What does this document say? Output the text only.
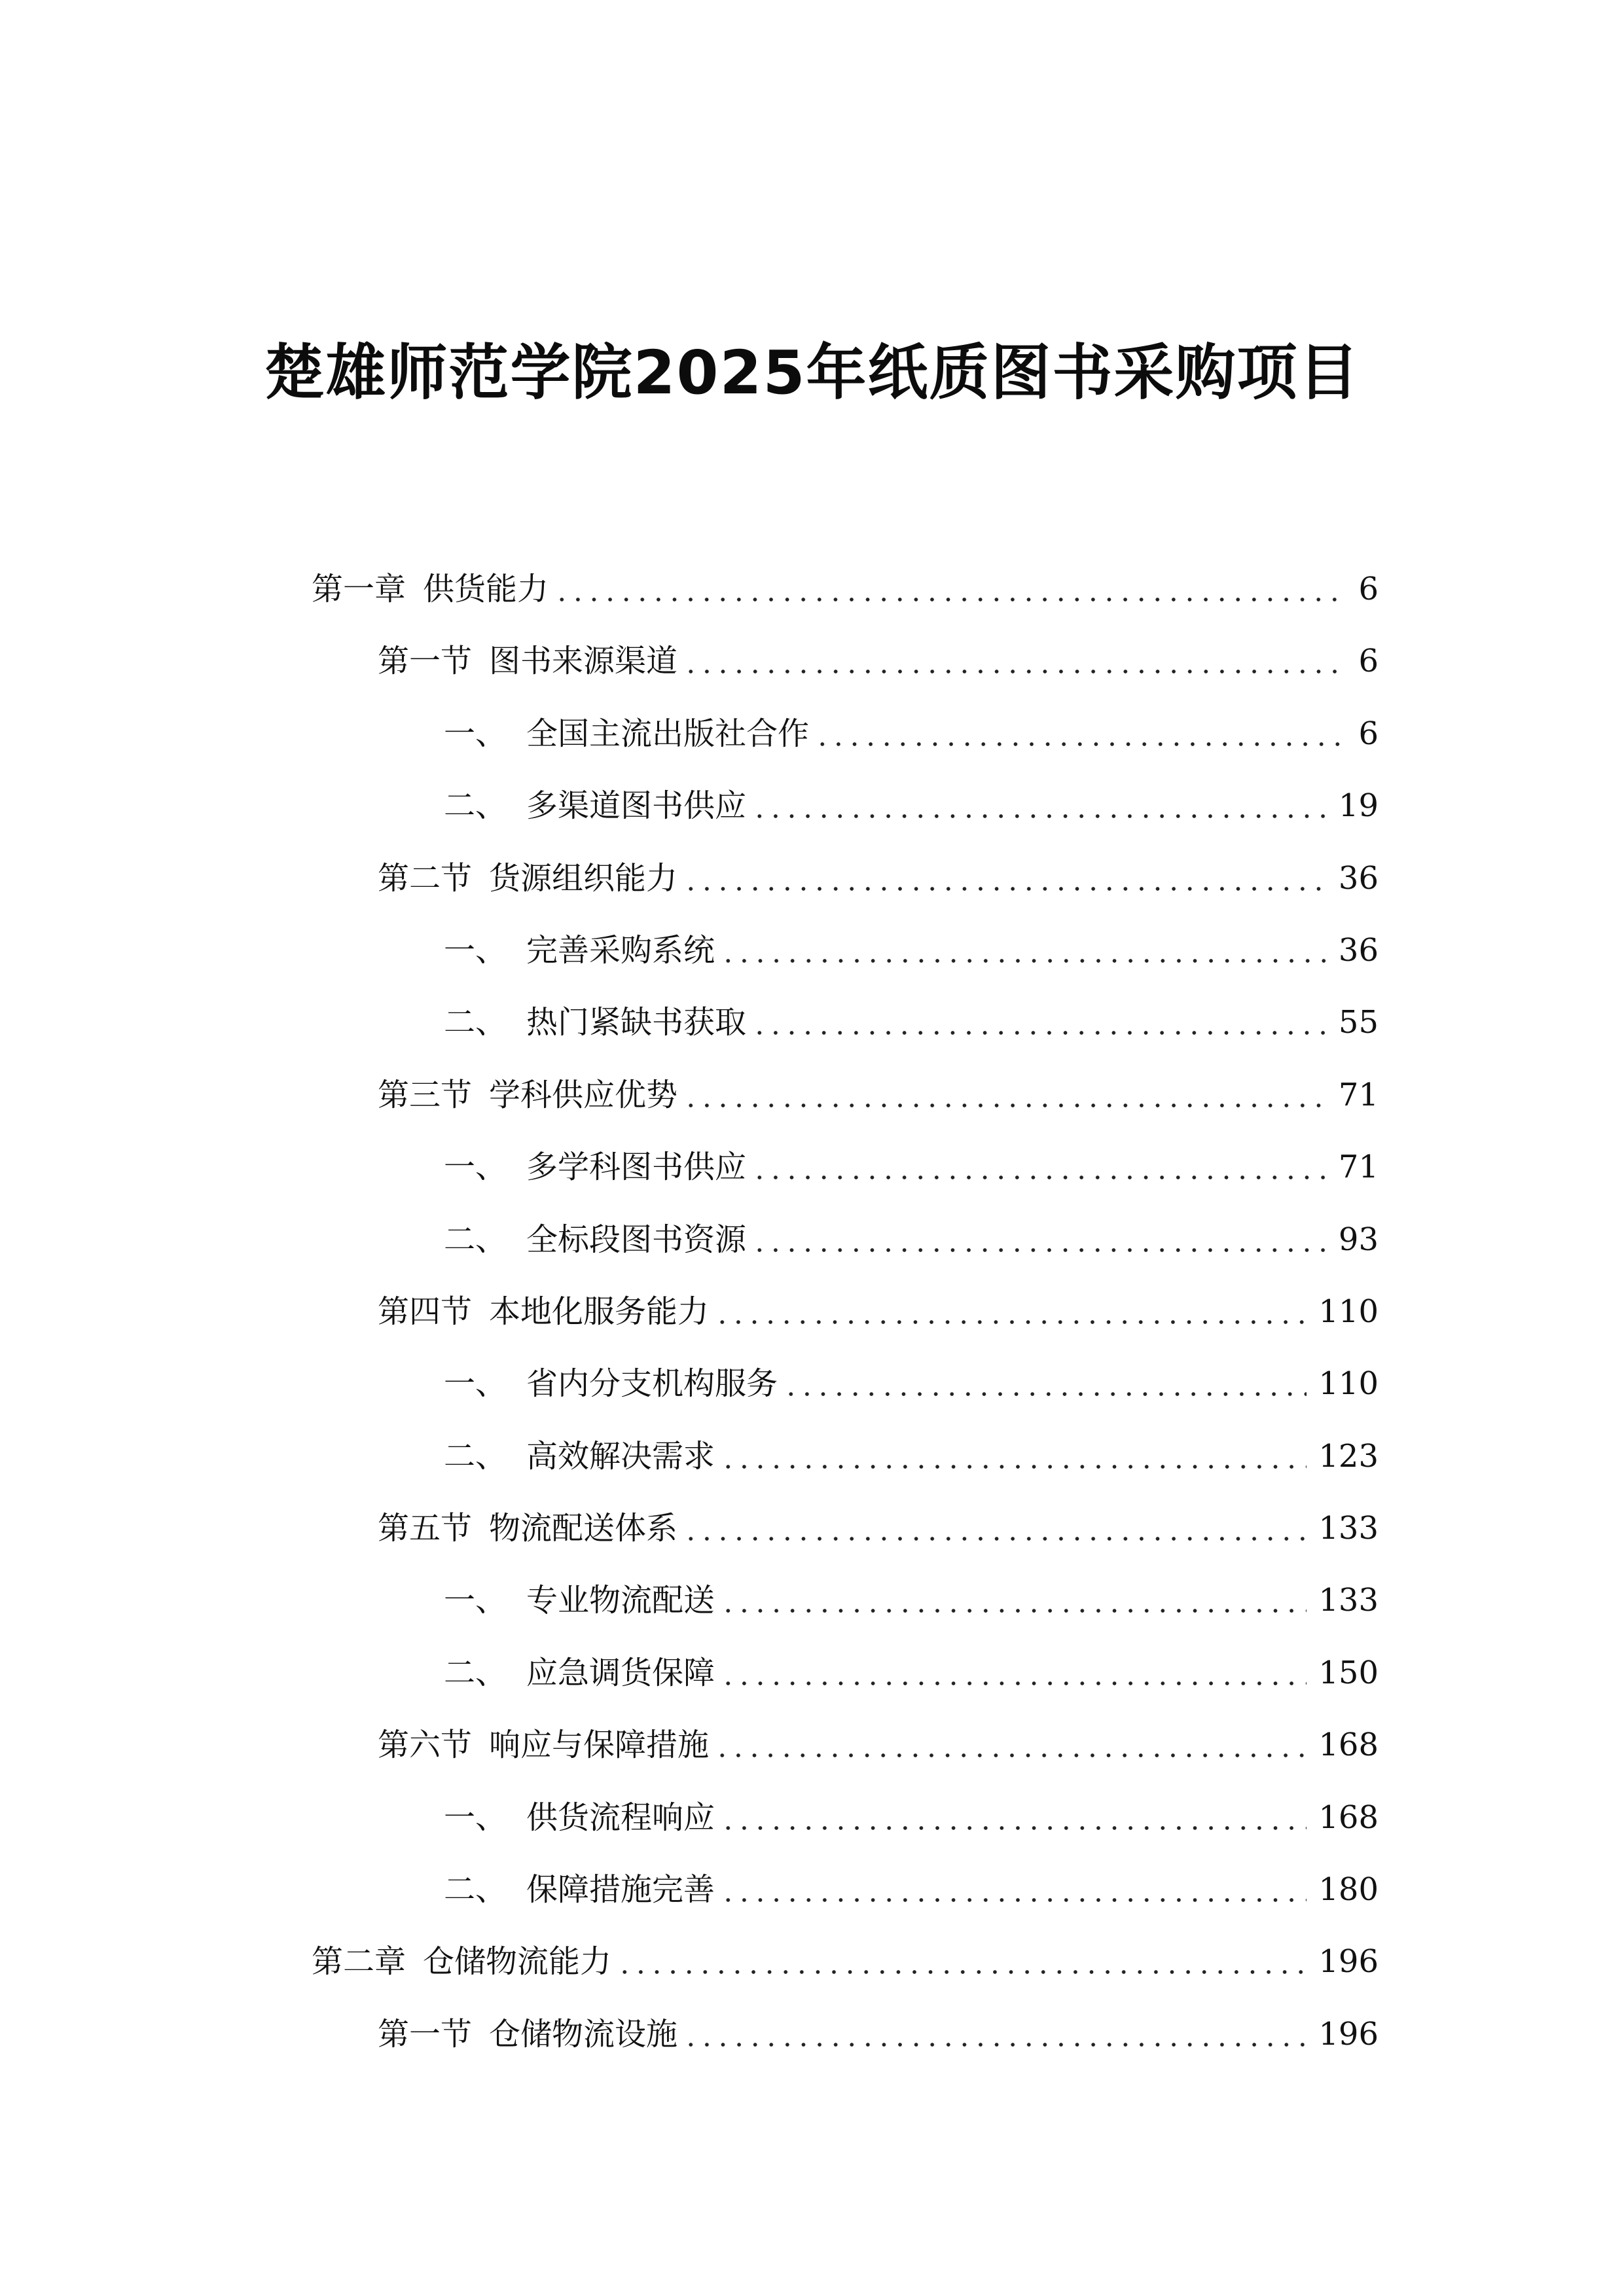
楚雄师范学院2025年纸质图书采购项目
第一章 供货能力	6
第一节 图书来源渠道	6
一、 全国主流出版社合作	6
二、 多渠道图书供应	19
第二节 货源组织能力	36
一、 完善采购系统	36
二、 热门紧缺书获取	55
第三节 学科供应优势	71
一、 多学科图书供应	71
二、 全标段图书资源	93
第四节 本地化服务能力	110
一、 省内分支机构服务	110
二、 高效解决需求	123
第五节 物流配送体系	133
一、 专业物流配送	133
二、 应急调货保障	150
第六节 响应与保障措施	168
一、 供货流程响应	168
二、 保障措施完善	180
第二章 仓储物流能力	196
第一节 仓储物流设施	196
